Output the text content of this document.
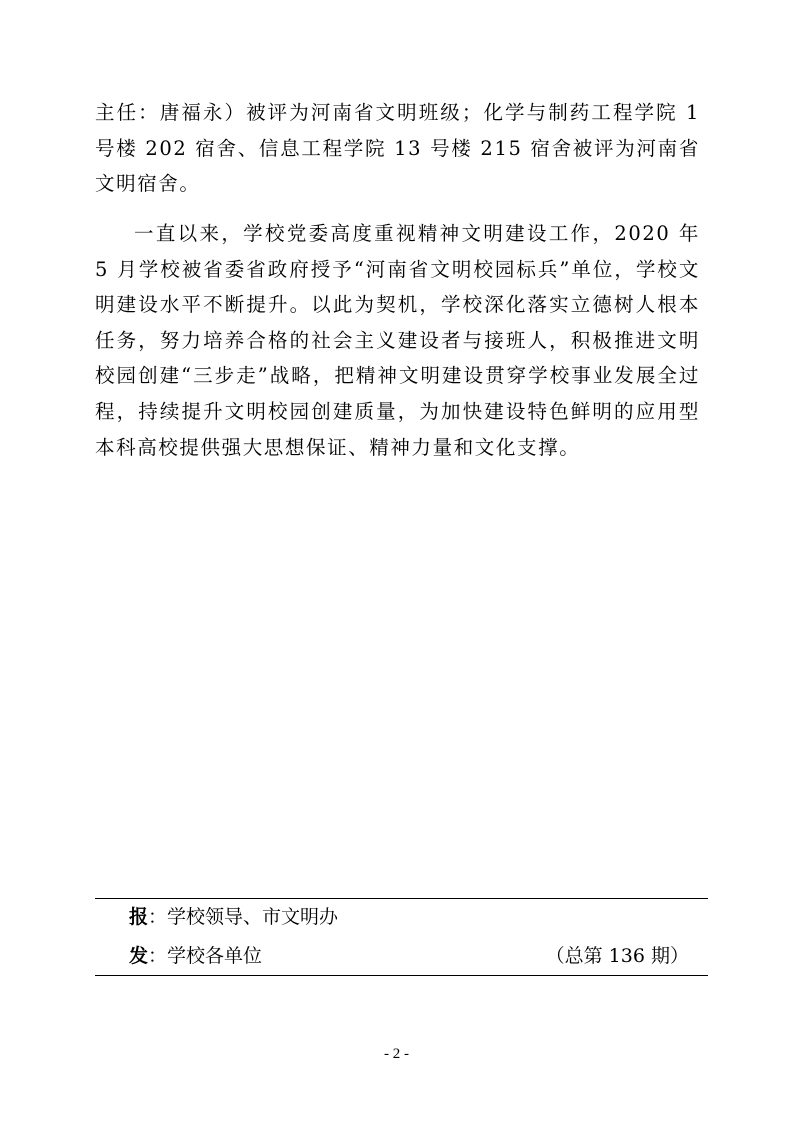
主任：唐福永）被评为河南省文明班级；化学与制药工程学院 1 号楼 202 宿舍、信息工程学院 13 号楼 215 宿舍被评为河南省文明宿舍。

一直以来，学校党委高度重视精神文明建设工作，2020 年 5 月学校被省委省政府授予“河南省文明校园标兵”单位，学校文明建设水平不断提升。以此为契机，学校深化落实立德树人根本任务，努力培养合格的社会主义建设者与接班人，积极推进文明校园创建“三步走”战略，把精神文明建设贯穿学校事业发展全过程，持续提升文明校园创建质量，为加快建设特色鲜明的应用型本科高校提供强大思想保证、精神力量和文化支撑。

报：学校领导、市文明办
发：学校各单位	（总第 136 期）
- 2 -
